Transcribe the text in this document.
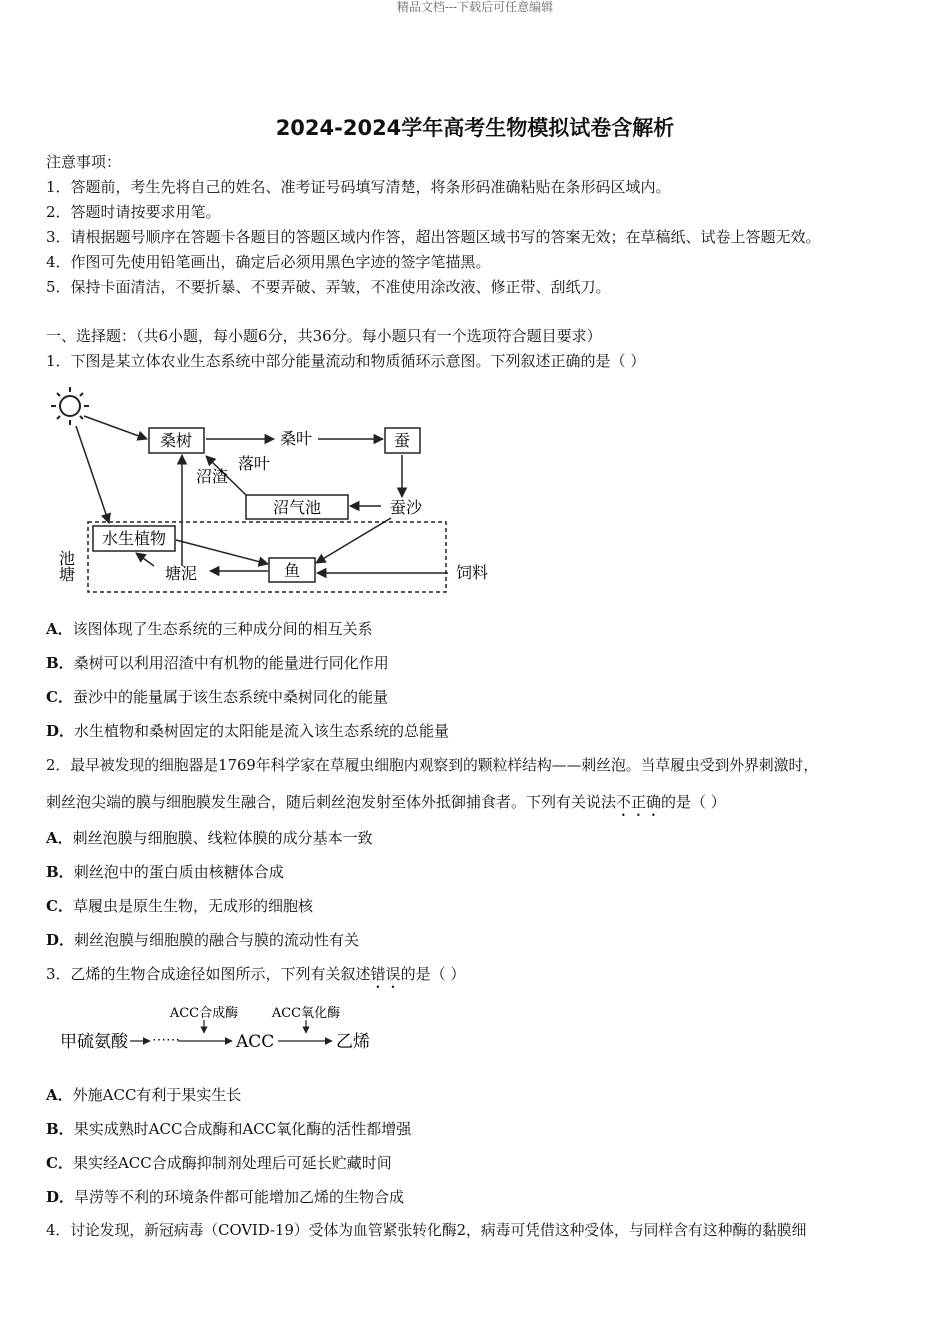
精品文档---下载后可任意编辑
2024-2024学年高考生物模拟试卷含解析
注意事项：
1．答题前，考生先将自己的姓名、准考证号码填写清楚，将条形码准确粘贴在条形码区域内。
2．答题时请按要求用笔。
3．请根据题号顺序在答题卡各题目的答题区域内作答，超出答题区域书写的答案无效；在草稿纸、试卷上答题无效。
4．作图可先使用铅笔画出，确定后必须用黑色字迹的签字笔描黑。
5．保持卡面清洁，不要折暴、不要弄破、弄皱，不准使用涂改液、修正带、刮纸刀。
一、选择题：（共6小题，每小题6分，共36分。每小题只有一个选项符合题目要求）
1．下图是某立体农业生态系统中部分能量流动和物质循环示意图。下列叙述正确的是（ ）
桑树	桑叶	蚕
落叶
沼渣
沼气池	蚕沙
水生植物
鱼
塘泥	饲料
池塘
A．该图体现了生态系统的三种成分间的相互关系
B．桑树可以利用沼渣中有机物的能量进行同化作用
C．蚕沙中的能量属于该生态系统中桑树同化的能量
D．水生植物和桑树固定的太阳能是流入该生态系统的总能量
2．最早被发现的细胞器是1769年科学家在草履虫细胞内观察到的颗粒样结构——刺丝泡。当草履虫受到外界刺激时，
刺丝泡尖端的膜与细胞膜发生融合，随后刺丝泡发射至体外抵御捕食者。下列有关说法不正确的是（ ）
A．刺丝泡膜与细胞膜、线粒体膜的成分基本一致
B．刺丝泡中的蛋白质由核糖体合成
C．草履虫是原生生物，无成形的细胞核
D．刺丝泡膜与细胞膜的融合与膜的流动性有关
3．乙烯的生物合成途径如图所示，下列有关叙述错误的是（ ）
甲硫氨酸 ⋯⋯
ACC合成酶
ACC
ACC氧化酶
乙烯
A．外施ACC有利于果实生长
B．果实成熟时ACC合成酶和ACC氧化酶的活性都增强
C．果实经ACC合成酶抑制剂处理后可延长贮藏时间
D．旱涝等不利的环境条件都可能增加乙烯的生物合成
4．讨论发现，新冠病毒（COVID-19）受体为血管紧张转化酶2，病毒可凭借这种受体，与同样含有这种酶的黏膜细
